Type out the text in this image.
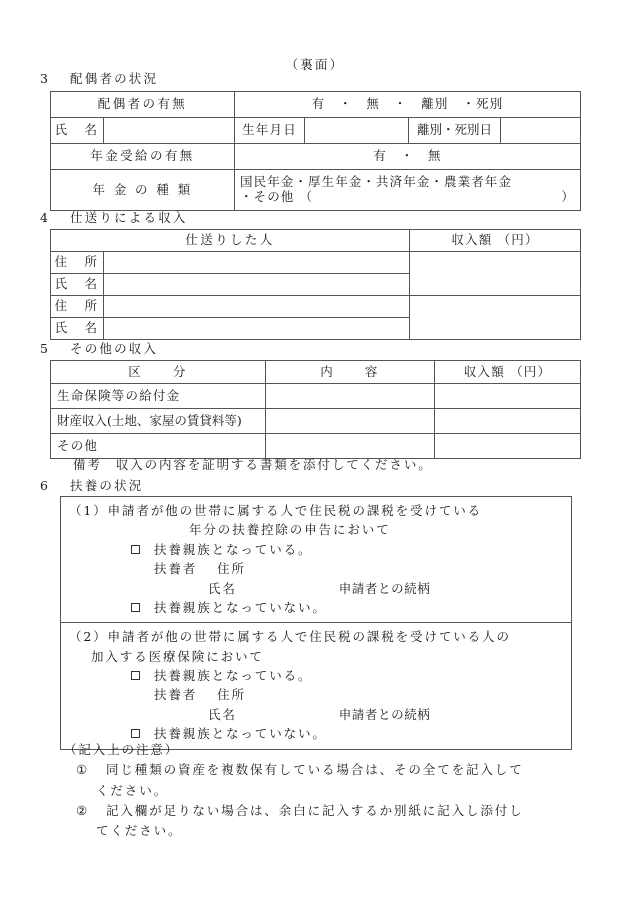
（裏面）
3 配偶者の状況
配偶者の有無		有　・　無　・　離別　・死別			
氏　名		生年月日		離別・死別日	
年金受給の有無		有　・　無			
年 金 の 種 類		国民年金・厚生年金・共済年金・農業者年金
・その他 （ ）			
4 仕送りによる収入
仕送りした人		収入額 （円）
住　所		
氏　名		
住　所		
氏　名		
5 その他の収入
区　　分	内　　容	収入額 （円）
生命保険等の給付金		
財産収入(土地、家屋の賃貸料等)		
その他		
備考 収入の内容を証明する書類を添付してください。
6 扶養の状況
（1）申請者が他の世帯に属する人で住民税の課税を受けている
年分の扶養控除の申告において
扶養親族となっている。
扶養者 住所
氏名	申請者との続柄
扶養親族となっていない。
（2）申請者が他の世帯に属する人で住民税の課税を受けている人の
加入する医療保険において
扶養親族となっている。
扶養者 住所
氏名	申請者との続柄
扶養親族となっていない。
（記入上の注意）
① 同じ種類の資産を複数保有している場合は、その全てを記入して
ください。
② 記入欄が足りない場合は、余白に記入するか別紙に記入し添付し
てください。
